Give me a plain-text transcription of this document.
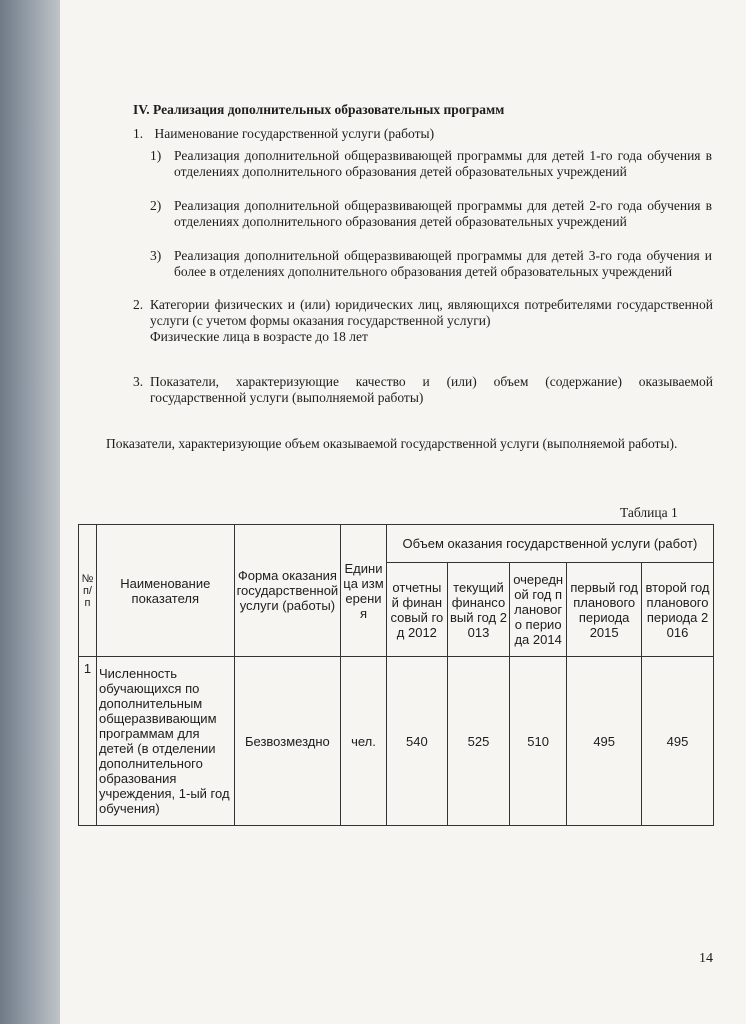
IV. Реализация дополнительных образовательных программ
1. Наименование государственной услуги (работы)
1) Реализация дополнительной общеразвивающей программы для детей 1-го года обучения в отделениях дополнительного образования детей образовательных учреждений
2) Реализация дополнительной общеразвивающей программы для детей 2-го года обучения в отделениях дополнительного образования детей образовательных учреждений
3) Реализация дополнительной общеразвивающей программы для детей 3-го года обучения и более в отделениях дополнительного образования детей образовательных учреждений
2. Категории физических и (или) юридических лиц, являющихся потребителями государственной услуги (с учетом формы оказания государственной услуги)
Физические лица в возрасте до 18 лет
3. Показатели, характеризующие качество и (или) объем (содержание) оказываемой государственной услуги (выполняемой работы)
Показатели, характеризующие объем оказываемой государственной услуги (выполняемой работы).
Таблица 1
№ п/п	Наименование показателя	Форма оказания государственной услуги (работы)	Единица измерения	Объем оказания государственной услуги (работ)				
				отчетный финансовый год 2012	текущий финансовый год 2013	очередной год планового периода 2014	первый год планового периода 2015	второй год планового периода 2016
1	Численность обучающихся по дополнительным общеразвивающим программам для детей (в отделении дополнительного образования учреждения, 1-ый год обучения)	Безвозмездно	чел.	540	525	510	495	495
14
